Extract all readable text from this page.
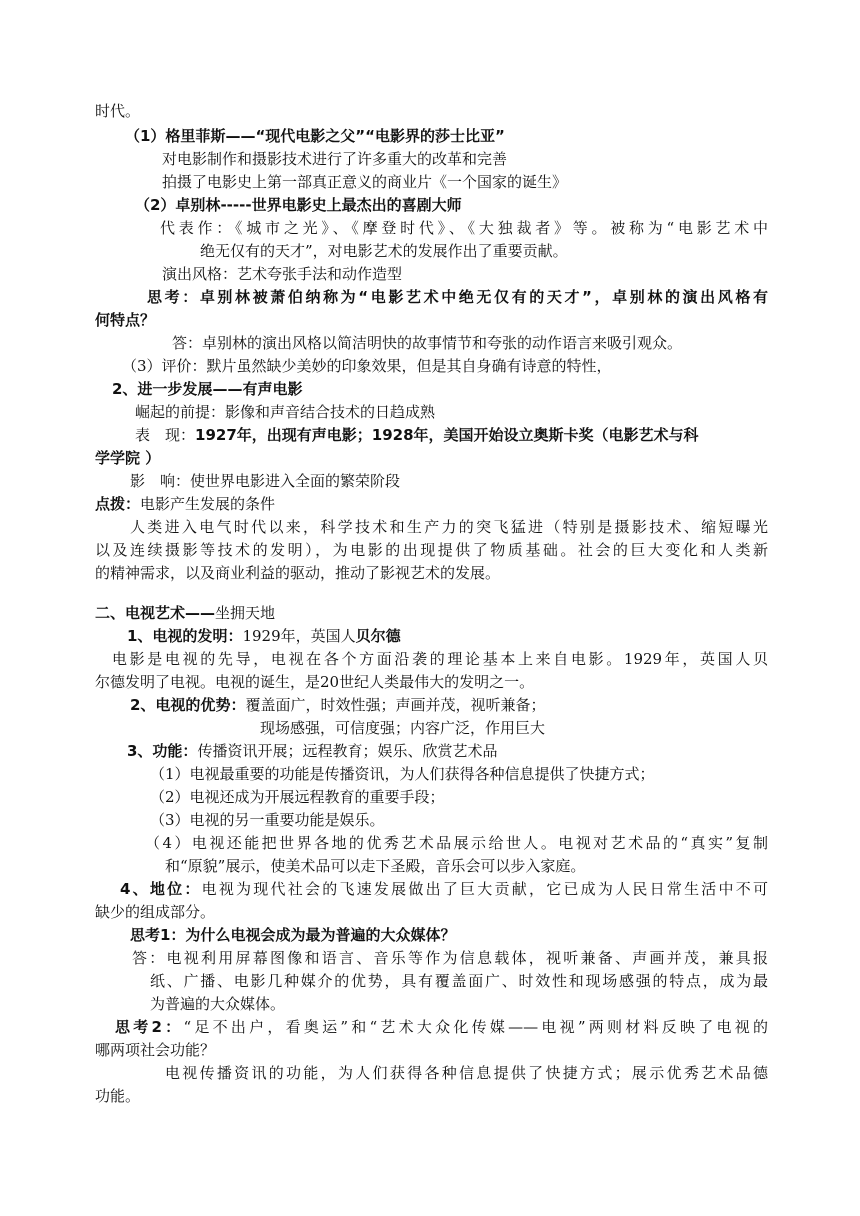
时代。
（1）格里菲斯——“现代电影之父”“电影界的莎士比亚”
对电影制作和摄影技术进行了许多重大的改革和完善
拍摄了电影史上第一部真正意义的商业片《一个国家的诞生》
（2）卓别林-----世界电影史上最杰出的喜剧大师
代表作：《城市之光》、《摩登时代》、《大独裁者》等。被称为“电影艺术中
绝无仅有的天才”，对电影艺术的发展作出了重要贡献。
演出风格：艺术夸张手法和动作造型
思考：卓别林被萧伯纳称为“电影艺术中绝无仅有的天才”，卓别林的演出风格有
何特点？
答：卓别林的演出风格以简洁明快的故事情节和夸张的动作语言来吸引观众。
（3）评价：默片虽然缺少美妙的印象效果，但是其自身确有诗意的特性，
2、进一步发展——有声电影
崛起的前提：影像和声音结合技术的日趋成熟
表　现：1927年，出现有声电影；1928年，美国开始设立奥斯卡奖（电影艺术与科
学学院 ）
影　响：使世界电影进入全面的繁荣阶段
点拨：电影产生发展的条件
人类进入电气时代以来，科学技术和生产力的突飞猛进（特别是摄影技术、缩短曝光
以及连续摄影等技术的发明），为电影的出现提供了物质基础。社会的巨大变化和人类新
的精神需求，以及商业利益的驱动，推动了影视艺术的发展。
二、电视艺术——坐拥天地
1、电视的发明：1929年，英国人贝尔德
电影是电视的先导，电视在各个方面沿袭的理论基本上来自电影。1929年，英国人贝
尔德发明了电视。电视的诞生，是20世纪人类最伟大的发明之一。
2、电视的优势：覆盖面广，时效性强；声画并茂，视听兼备；
现场感强，可信度强；内容广泛，作用巨大
3、功能：传播资讯开展；远程教育；娱乐、欣赏艺术品
（1）电视最重要的功能是传播资讯，为人们获得各种信息提供了快捷方式；
（2）电视还成为开展远程教育的重要手段；
（3）电视的另一重要功能是娱乐。
（4）电视还能把世界各地的优秀艺术品展示给世人。电视对艺术品的“真实”复制
和“原貌”展示，使美术品可以走下圣殿，音乐会可以步入家庭。
4、地位：电视为现代社会的飞速发展做出了巨大贡献，它已成为人民日常生活中不可
缺少的组成部分。
思考1：为什么电视会成为最为普遍的大众媒体？
答：电视利用屏幕图像和语言、音乐等作为信息载体，视听兼备、声画并茂，兼具报
纸、广播、电影几种媒介的优势，具有覆盖面广、时效性和现场感强的特点，成为最
为普遍的大众媒体。
思考2：“足不出户，看奥运”和“艺术大众化传媒——电视”两则材料反映了电视的
哪两项社会功能？
电视传播资讯的功能，为人们获得各种信息提供了快捷方式；展示优秀艺术品德
功能。
